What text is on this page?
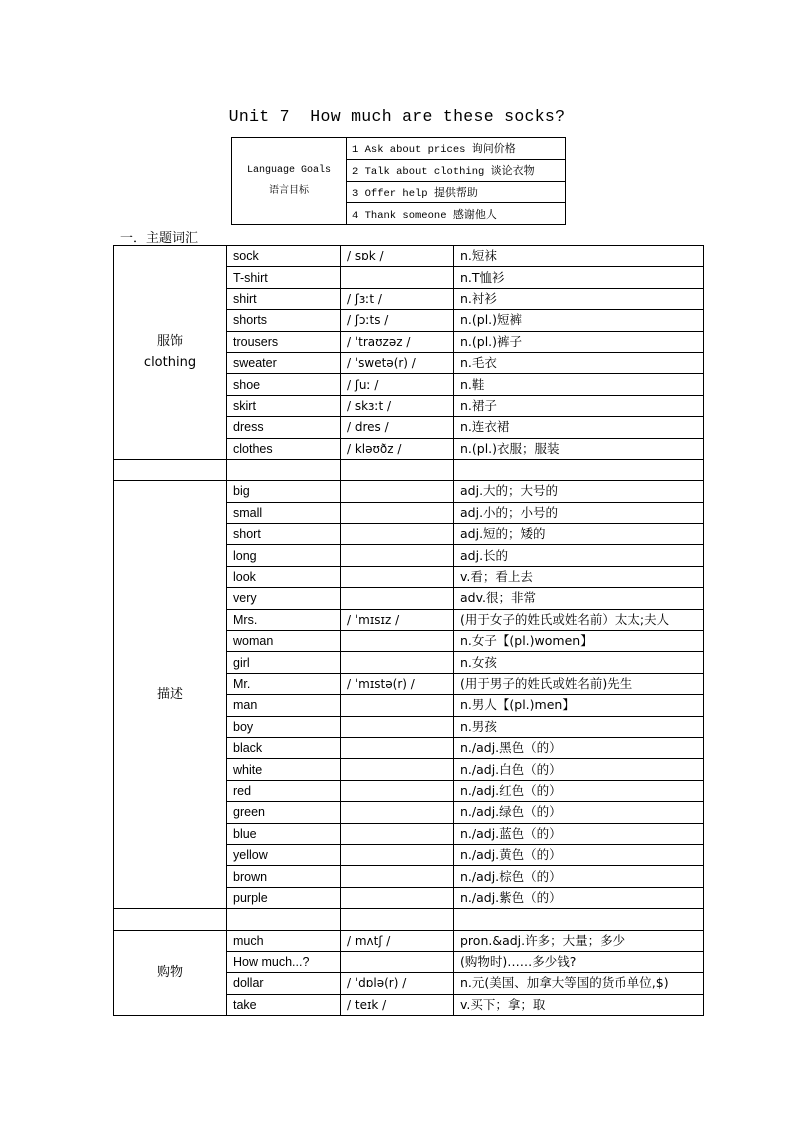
Unit 7  How much are these socks?
Language Goals
语言目标
	1 Ask about prices 询问价格
2 Talk about clothing 谈论衣物
3 Offer help 提供帮助
4 Thank someone 感谢他人
一．主题词汇
服饰
clothing	sock	/ sɒk /	n.短袜
	T-shirt		n.T恤衫
	shirt	/ ʃɜːt /	n.衬衫
	shorts	/ ʃɔːts /	n.(pl.)短裤
	trousers	/ ˈtraʊzəz /	n.(pl.)裤子
	sweater	/ ˈswetə(r) /	n.毛衣
	shoe	/ ʃuː /	n.鞋
	skirt	/ skɜːt /	n.裙子
	dress	/ dres /	n.连衣裙
	clothes	/ kləʊðz /	n.(pl.)衣服；服装

描述	big		adj.大的；大号的
	small		adj.小的；小号的
	short		adj.短的；矮的
	long		adj.长的
	look		v.看；看上去
	very		adv.很；非常
	Mrs.	/ ˈmɪsɪz /	(用于女子的姓氏或姓名前）太太;夫人
	woman		n.女子【(pl.)women】
	girl		n.女孩
	Mr.	/ ˈmɪstə(r) /	(用于男子的姓氏或姓名前)先生
	man		n.男人【(pl.)men】
	boy		n.男孩
	black		n./adj.黑色（的）
	white		n./adj.白色（的）
	red		n./adj.红色（的）
	green		n./adj.绿色（的）
	blue		n./adj.蓝色（的）
	yellow		n./adj.黄色（的）
	brown		n./adj.棕色（的）
	purple		n./adj.紫色（的）

购物	much	/ mʌtʃ /	pron.&adj.许多；大量；多少
	How much...?		(购物时)……多少钱?
	dollar	/ ˈdɒlə(r) /	n.元(美国、加拿大等国的货币单位,$)
	take	/ teɪk /	v.买下；拿；取
